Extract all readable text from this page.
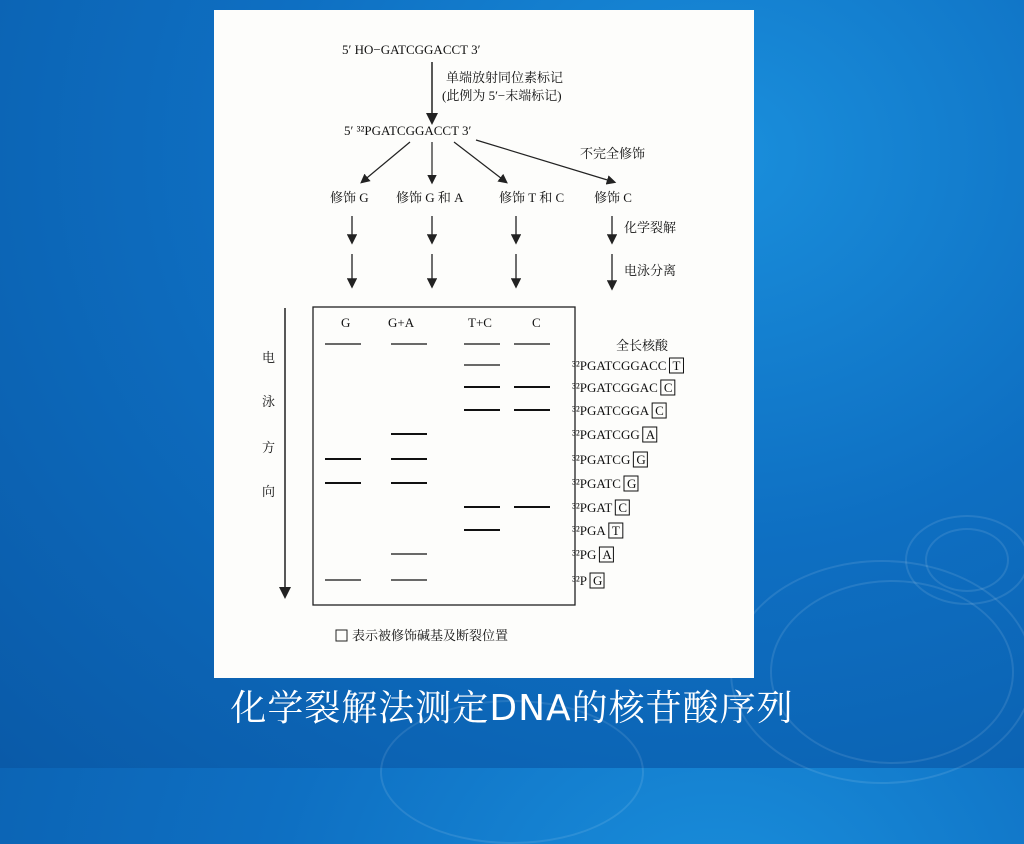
5′ HO−GATCGGACCT 3′
单端放射同位素标记
(此例为 5′−末端标记)
5′ ³²PGATCGGACCT 3′
不完全修饰
修饰 G 修饰 G 和 A	修饰 T 和 C 修饰 C
化学裂解
电泳分离
电
泳
方
向
G	G+A	T+C	C
全长核酸
³²PGATCGGACC T
³²PGATCGGAC C
³²PGATCGGA C
³²PGATCGG A
³²PGATCG G
³²PGATC G
³²PGAT C
³²PGA T
³²PG A
³²P G
表示被修饰碱基及断裂位置
化学裂解法测定DNA的核苷酸序列
